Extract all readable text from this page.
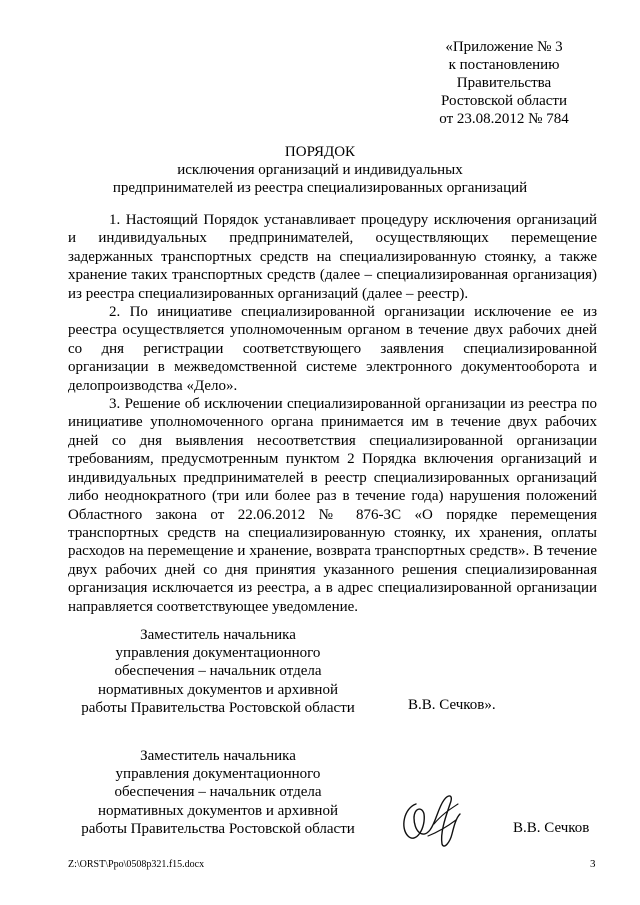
«Приложение № 3
к постановлению
Правительства
Ростовской области
от 23.08.2012 № 784
ПОРЯДОК
исключения организаций и индивидуальных
предпринимателей из реестра специализированных организаций

1. Настоящий Порядок устанавливает процедуру исключения организаций и индивидуальных предпринимателей, осуществляющих перемещение задержанных транспортных средств на специализированную стоянку, а также хранение таких транспортных средств (далее – специализированная организация) из реестра специализированных организаций (далее – реестр).

2. По инициативе специализированной организации исключение ее из реестра осуществляется уполномоченным органом в течение двух рабочих дней со дня регистрации соответствующего заявления специализированной организации в межведомственной системе электронного документооборота и делопроизводства «Дело».

3. Решение об исключении специализированной организации из реестра по инициативе уполномоченного органа принимается им в течение двух рабочих дней со дня выявления несоответствия специализированной организации требованиям, предусмотренным пунктом 2 Порядка включения организаций и индивидуальных предпринимателей в реестр специализированных организаций либо неоднократного (три или более раз в течение года) нарушения положений Областного закона от 22.06.2012 № 876-ЗС «О порядке перемещения транспортных средств на специализированную стоянку, их хранения, оплаты расходов на перемещение и хранение, возврата транспортных средств». В течение двух рабочих дней со дня принятия указанного решения специализированная организация исключается из реестра, а в адрес специализированной организации направляется соответствующее уведомление.

Заместитель начальника
управления документационного
обеспечения – начальник отдела
нормативных документов и архивной
работы Правительства Ростовской области	В.В. Сечков».
Заместитель начальника
управления документационного
обеспечения – начальник отдела
нормативных документов и архивной
работы Правительства Ростовской области	В.В. Сечков
Z:\ORST\Ppo\0508p321.f15.docx	3
